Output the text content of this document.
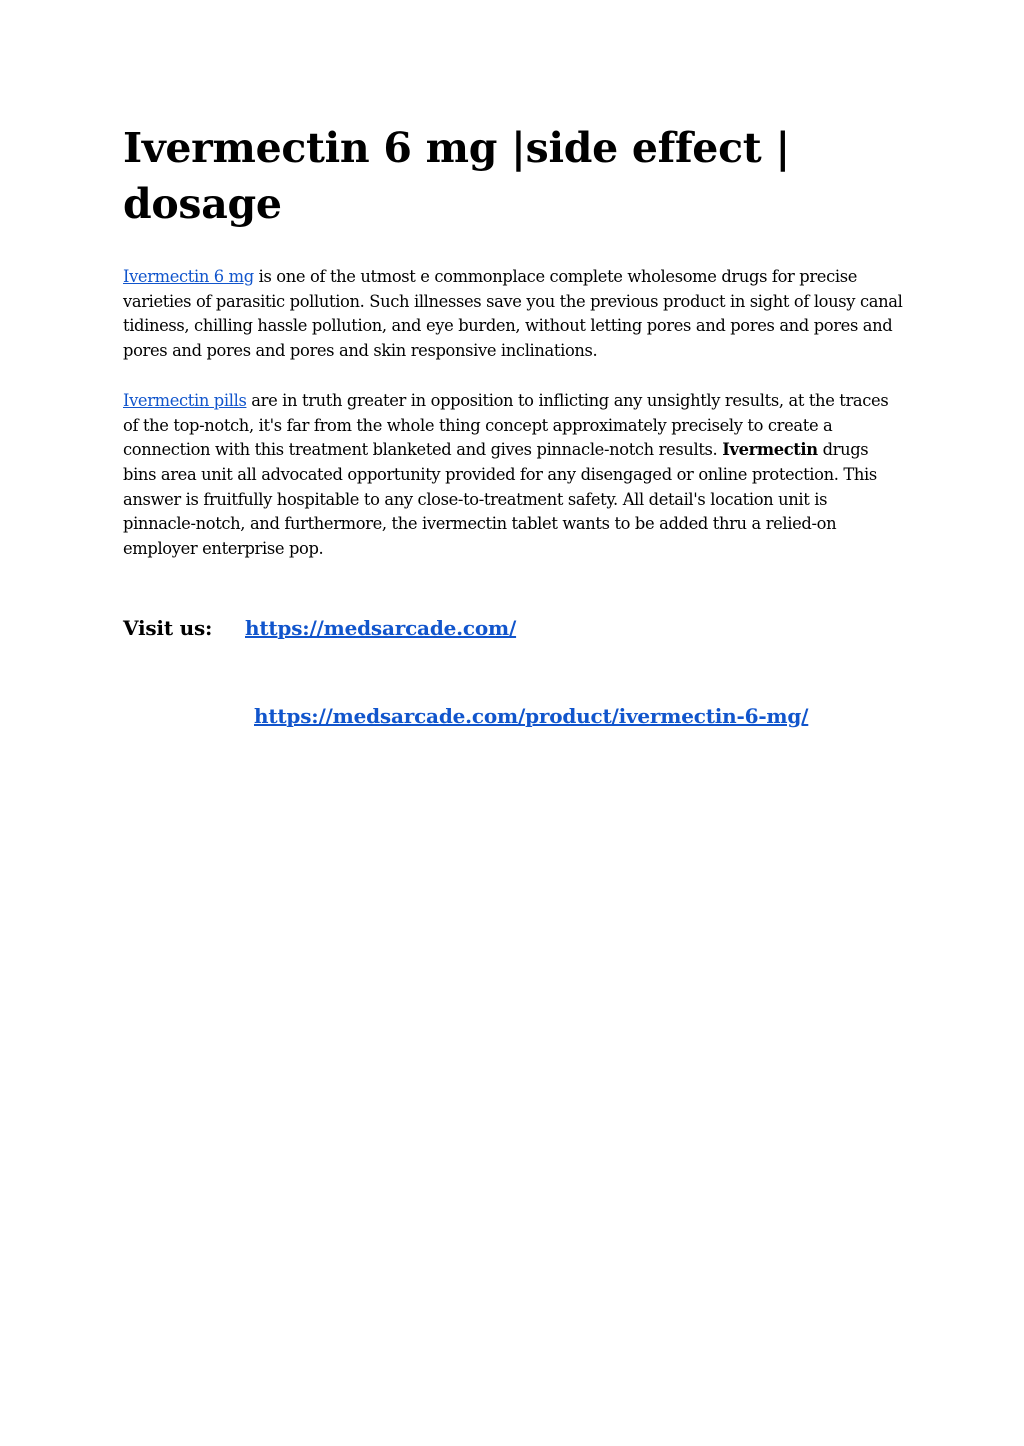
Ivermectin 6 mg |side effect | dosage

Ivermectin 6 mg is one of the utmost e commonplace complete wholesome drugs for precise varieties of parasitic pollution. Such illnesses save you the previous product in sight of lousy canal tidiness, chilling hassle pollution, and eye burden, without letting pores and pores and pores and pores and pores and pores and skin responsive inclinations.

Ivermectin pills are in truth greater in opposition to inflicting any unsightly results, at the traces of the top-notch, it's far from the whole thing concept approximately precisely to create a connection with this treatment blanketed and gives pinnacle-notch results. Ivermectin drugs bins area unit all advocated opportunity provided for any disengaged or online protection. This answer is fruitfully hospitable to any close-to-treatment safety. All detail's location unit is pinnacle-notch, and furthermore, the ivermectin tablet wants to be added thru a relied-on employer enterprise pop.

Visit us: https://medsarcade.com/
https://medsarcade.com/product/ivermectin-6-mg/
